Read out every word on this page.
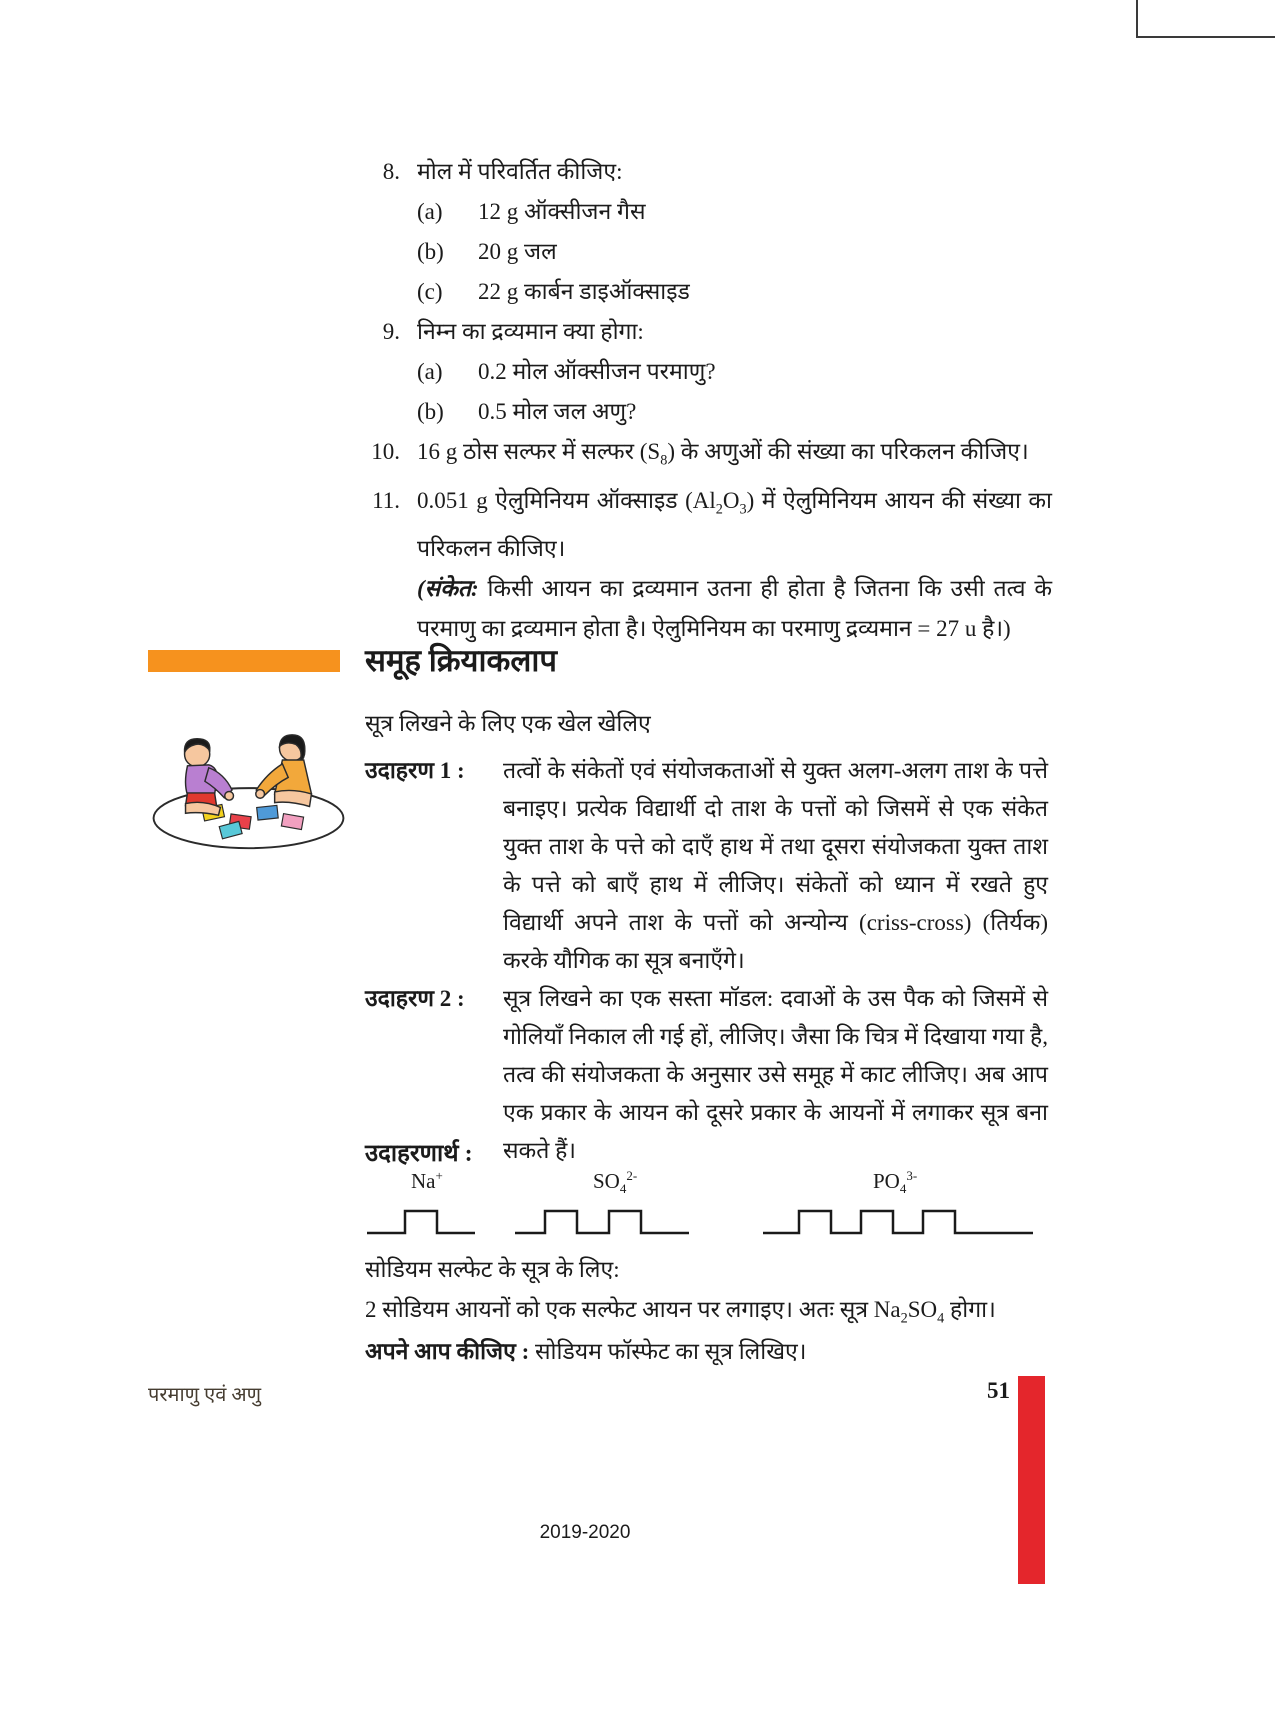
8. मोल में परिवर्तित कीजिए:
(a)	12 g ऑक्सीजन गैस
(b)	20 g जल
(c)	22 g कार्बन डाइऑक्साइड
9. निम्न का द्रव्यमान क्या होगा:
(a)	0.2 मोल ऑक्सीजन परमाणु?
(b)	0.5 मोल जल अणु?
10. 16 g ठोस सल्फर में सल्फर $(S_8)$ के अणुओं की संख्या का परिकलन कीजिए।
11. 0.051 g ऐलुमिनियम ऑक्साइड $(Al_2O_3)$ में ऐलुमिनियम आयन की संख्या का परिकलन कीजिए।
(संकेत: किसी आयन का द्रव्यमान उतना ही होता है जितना कि उसी तत्व के परमाणु का द्रव्यमान होता है। ऐलुमिनियम का परमाणु द्रव्यमान = 27 u है।)
समूह क्रियाकलाप

सूत्र लिखने के लिए एक खेल खेलिए

उदाहरण 1 :	तत्वों के संकेतों एवं संयोजकताओं से युक्त अलग-अलग ताश के पत्ते बनाइए। प्रत्येक विद्यार्थी दो ताश के पत्तों को जिसमें से एक संकेत युक्त ताश के पत्ते को दाएँ हाथ में तथा दूसरा संयोजकता युक्त ताश के पत्ते को बाएँ हाथ में लीजिए। संकेतों को ध्यान में रखते हुए विद्यार्थी अपने ताश के पत्तों को अन्योन्य (criss-cross) (तिर्यक) करके यौगिक का सूत्र बनाएँगे।
उदाहरण 2 :	सूत्र लिखने का एक सस्ता मॉडल: दवाओं के उस पैक को जिसमें से गोलियाँ निकाल ली गई हों, लीजिए। जैसा कि चित्र में दिखाया गया है, तत्व की संयोजकता के अनुसार उसे समूह में काट लीजिए। अब आप एक प्रकार के आयन को दूसरे प्रकार के आयनों में लगाकर सूत्र बना सकते हैं।

उदाहरणार्थ :

Na+	$SO_4^{2-}$	$PO_4^{3-}$

सोडियम सल्फेट के सूत्र के लिए:

2 सोडियम आयनों को एक सल्फेट आयन पर लगाइए। अतः सूत्र $Na_2SO_4$ होगा।

अपने आप कीजिए : सोडियम फॉस्फेट का सूत्र लिखिए।

परमाणु एवं अणु	51
2019-2020
